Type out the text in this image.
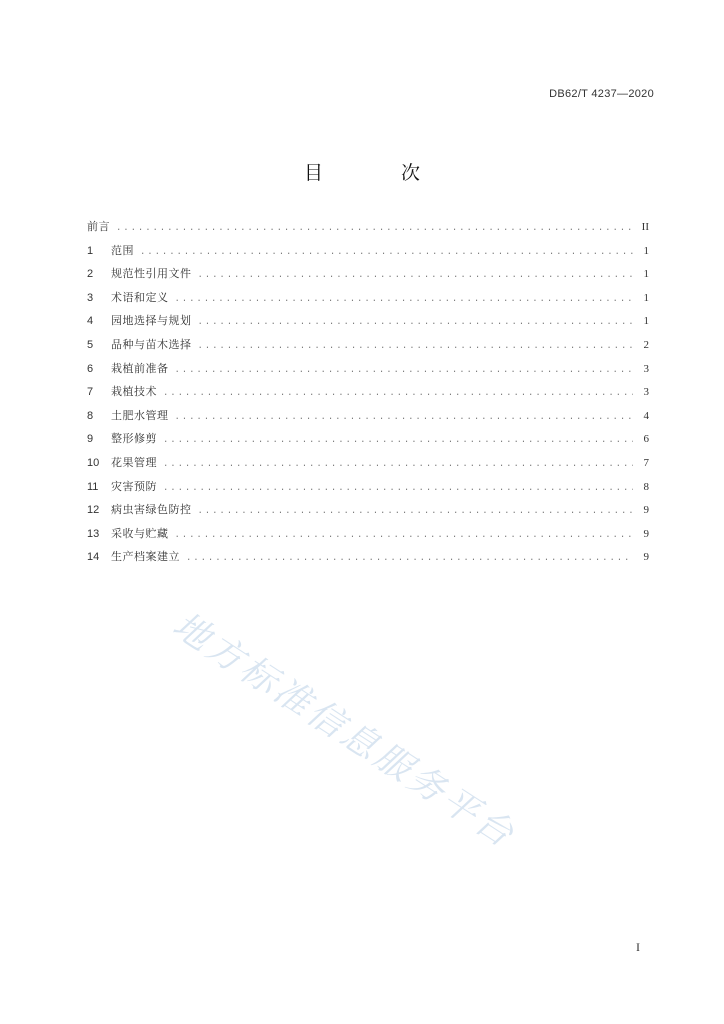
DB62/T 4237—2020
目 次
前言 .....	II
1	范围 .....	1
2	规范性引用文件 .....	1
3	术语和定义 .....	1
4	园地选择与规划 .....	1
5	品种与苗木选择 .....	2
6	栽植前准备 .....	3
7	栽植技术 .....	3
8	土肥水管理 .....	4
9	整形修剪 .....	6
10	花果管理 .....	7
11	灾害预防 .....	8
12	病虫害绿色防控 .....	9
13	采收与贮藏 .....	9
14	生产档案建立 .....	9
地方标准信息服务平台
I
